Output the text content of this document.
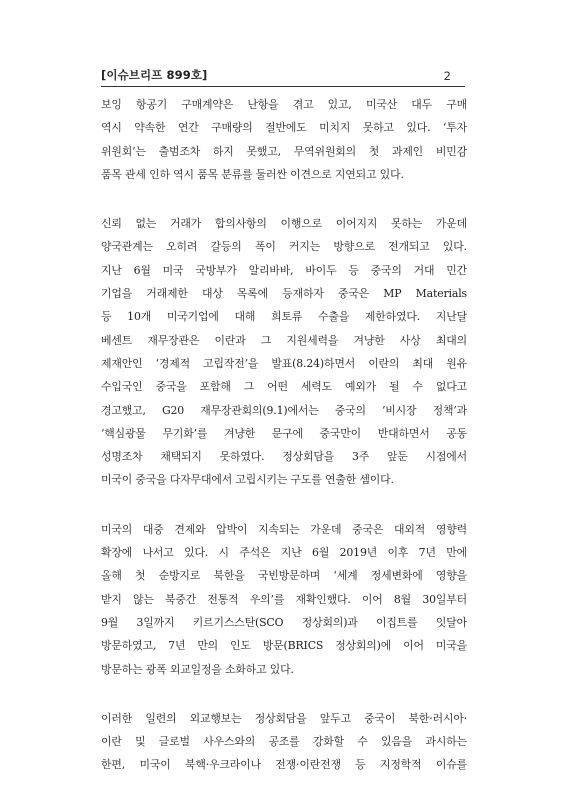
[이슈브리프 899호]	2
보잉 항공기 구매계약은 난항을 겪고 있고, 미국산 대두 구매
역시 약속한 연간 구매량의 절반에도 미치지 못하고 있다. ‘투자
위원회’는 출범조차 하지 못했고, 무역위원회의 첫 과제인 비민감
품목 관세 인하 역시 품목 분류를 둘러싼 이견으로 지연되고 있다.
신뢰 없는 거래가 합의사항의 이행으로 이어지지 못하는 가운데
양국관계는 오히려 갈등의 폭이 커지는 방향으로 전개되고 있다.
지난 6월 미국 국방부가 알리바바, 바이두 등 중국의 거대 민간
기업을 거래제한 대상 목록에 등재하자 중국은 MP Materials
등 10개 미국기업에 대해 희토류 수출을 제한하였다. 지난달
베센트 재무장관은 이란과 그 지원세력을 겨냥한 사상 최대의
제재안인 ‘경제적 고립작전’을 발표(8.24)하면서 이란의 최대 원유
수입국인 중국을 포함해 그 어떤 세력도 예외가 될 수 없다고
경고했고, G20 재무장관회의(9.1)에서는 중국의 ‘비시장 정책’과
‘핵심광물 무기화’를 겨냥한 문구에 중국만이 반대하면서 공동
성명조차 채택되지 못하였다. 정상회담을 3주 앞둔 시점에서
미국이 중국을 다자무대에서 고립시키는 구도를 연출한 셈이다.
미국의 대중 견제와 압박이 지속되는 가운데 중국은 대외적 영향력
확장에 나서고 있다. 시 주석은 지난 6월 2019년 이후 7년 만에
올해 첫 순방지로 북한을 국빈방문하며 ‘세계 정세변화에 영향을
받지 않는 북중간 전통적 우의’를 재확인했다. 이어 8월 30일부터
9월 3일까지 키르기스스탄(SCO 정상회의)과 이집트를 잇달아
방문하였고, 7년 만의 인도 방문(BRICS 정상회의)에 이어 미국을
방문하는 광폭 외교일정을 소화하고 있다.
이러한 일련의 외교행보는 정상회담을 앞두고 중국이 북한·러시아·
이란 및 글로벌 사우스와의 공조를 강화할 수 있음을 과시하는
한편, 미국이 북핵·우크라이나 전쟁·이란전쟁 등 지정학적 이슈를
